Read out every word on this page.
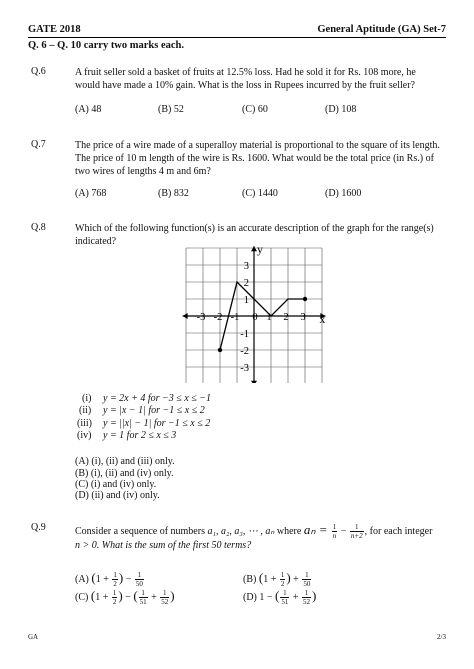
GATE 2018	General Aptitude (GA) Set-7
Q. 6 – Q. 10 carry two marks each.
Q.6	A fruit seller sold a basket of fruits at 12.5% loss. Had he sold it for Rs. 108 more, he
would have made a 10% gain. What is the loss in Rupees incurred by the fruit seller?
(A) 48	(B) 52	(C) 60	(D) 108
Q.7	The price of a wire made of a superalloy material is proportional to the square of its length.
The price of 10 m length of the wire is Rs. 1600. What would be the total price (in Rs.) of
two wires of lengths 4 m and 6m?
(A) 768	(B) 832	(C) 1440	(D) 1600
Q.8	Which of the following function(s) is an accurate description of the graph for the range(s)
indicated?
-3 -2 -1 0 1 2 3
3
2
1
-1
-2
-3
x
y
(i) y = 2x + 4 for −3 ≤ x ≤ −1
(ii) y = |x − 1| for −1 ≤ x ≤ 2
(iii) y = ||x| − 1| for −1 ≤ x ≤ 2
(iv) y = 1 for 2 ≤ x ≤ 3
(A) (i), (ii) and (iii) only.
(B) (i), (ii) and (iv) only.
(C) (i) and (iv) only.
(D) (ii) and (iv) only.
Q.9	Consider a sequence of numbers a₁, a₂, a₃, ⋯ , aₙ where $a_n = \frac{1}{n} - \frac{1}{n+2}$ , for each integer
n > 0. What is the sum of the first 50 terms?
(A) ($1 + \frac{1}{2}$ ) − $\frac{1}{50}$	(B) ($1 + \frac{1}{2}$ ) + $\frac{1}{50}$
(C) ($1 + \frac{1}{2}$ ) − ( $\frac{1}{51} + \frac{1}{52}$ )	(D) 1 − ( $\frac{1}{51} + \frac{1}{52}$ )
GA	2/3
